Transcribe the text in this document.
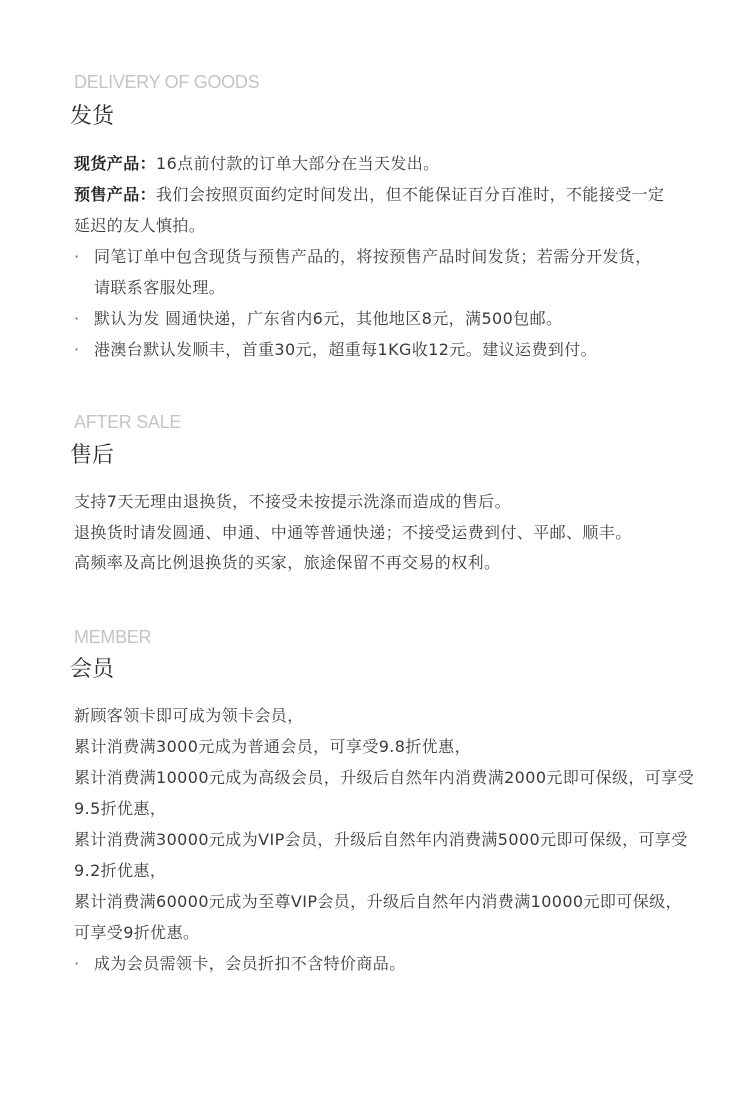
DELIVERY OF GOODS
发货
现货产品：16点前付款的订单大部分在当天发出。
预售产品：我们会按照页面约定时间发出，但不能保证百分百准时，不能接受一定
延迟的友人慎拍。
· 同笔订单中包含现货与预售产品的，将按预售产品时间发货；若需分开发货，
请联系客服处理。
· 默认为发 圆通快递，广东省内6元，其他地区8元，满500包邮。
· 港澳台默认发顺丰，首重30元，超重每1KG收12元。建议运费到付。
AFTER SALE
售后
支持7天无理由退换货，不接受未按提示洗涤而造成的售后。
退换货时请发圆通、申通、中通等普通快递；不接受运费到付、平邮、顺丰。
高频率及高比例退换货的买家，旅途保留不再交易的权利。
MEMBER
会员
新顾客领卡即可成为领卡会员，
累计消费满3000元成为普通会员，可享受9.8折优惠，
累计消费满10000元成为高级会员，升级后自然年内消费满2000元即可保级，可享受
9.5折优惠，
累计消费满30000元成为VIP会员，升级后自然年内消费满5000元即可保级，可享受
9.2折优惠，
累计消费满60000元成为至尊VIP会员，升级后自然年内消费满10000元即可保级，
可享受9折优惠。
· 成为会员需领卡，会员折扣不含特价商品。
